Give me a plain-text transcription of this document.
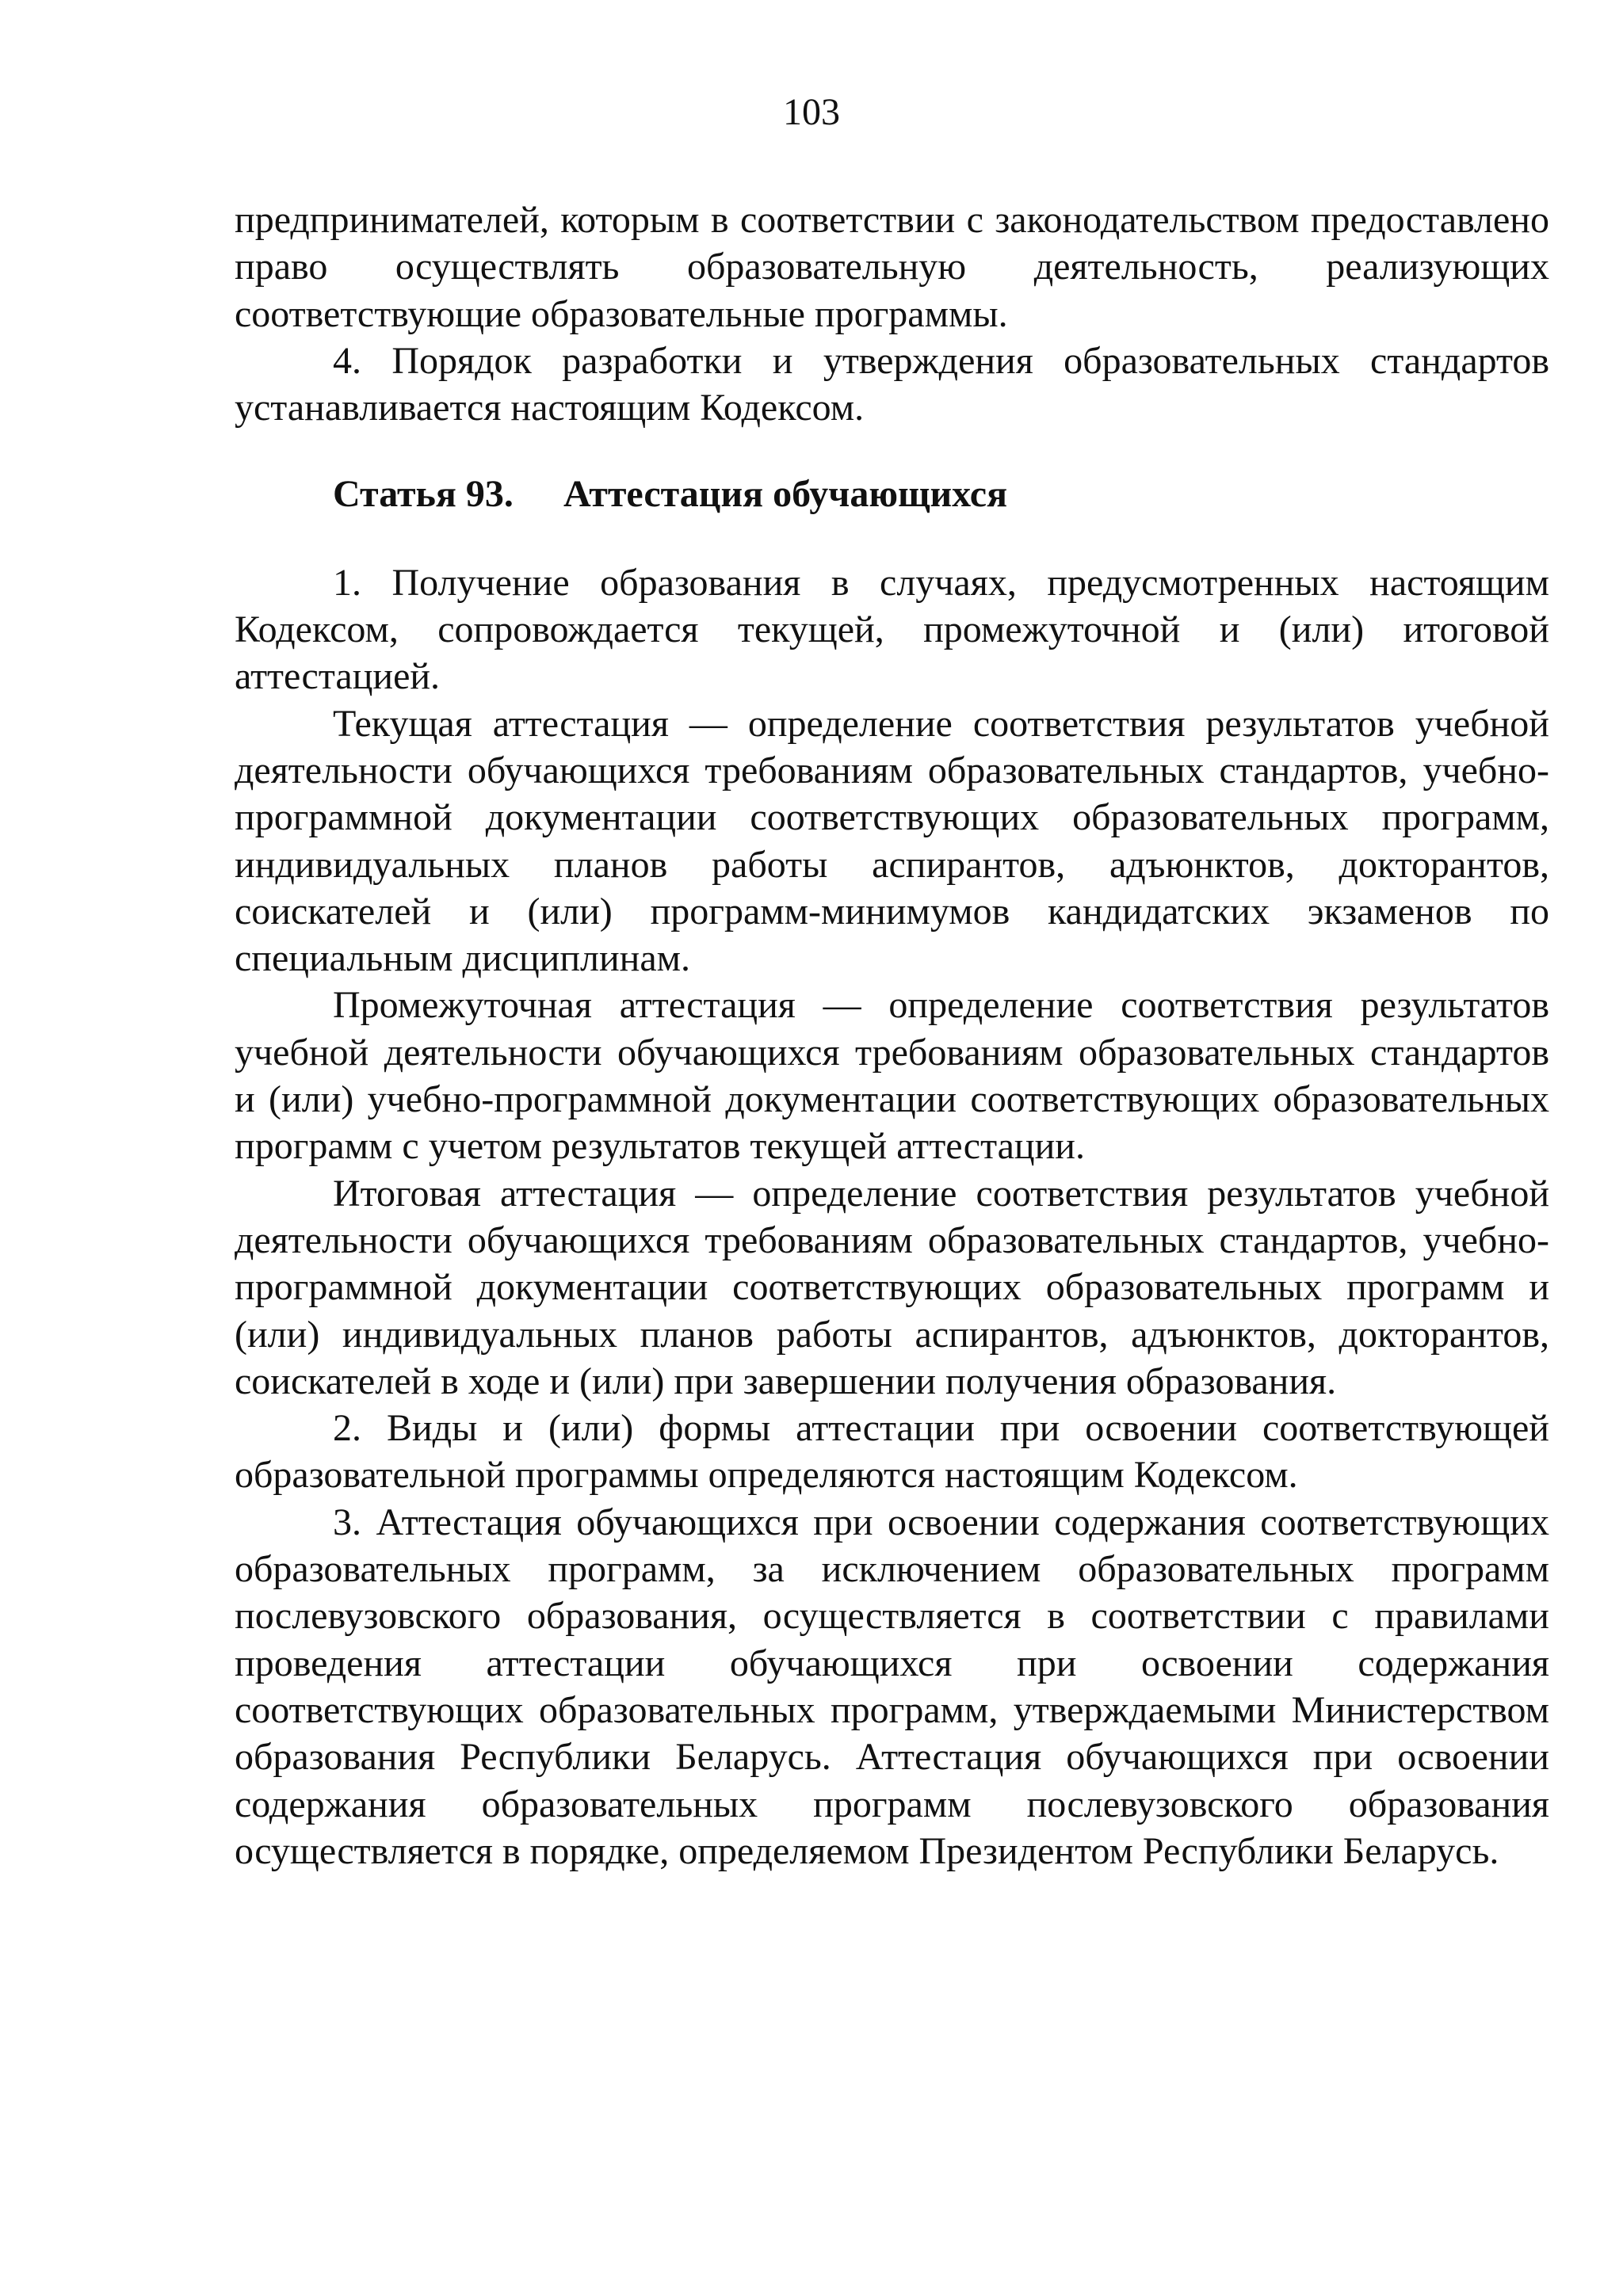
103

предпринимателей, которым в соответствии с законодательством предоставлено право осуществлять образовательную деятельность, реализующих соответствующие образовательные программы.

4. Порядок разработки и утверждения образовательных стандартов устанавливается настоящим Кодексом.

Статья 93. Аттестация обучающихся

1. Получение образования в случаях, предусмотренных настоящим Кодексом, сопровождается текущей, промежуточной и (или) итоговой аттестацией.

Текущая аттестация — определение соответствия результатов учебной деятельности обучающихся требованиям образовательных стандартов, учебно-программной документации соответствующих образовательных программ, индивидуальных планов работы аспирантов, адъюнктов, докторантов, соискателей и (или) программ-минимумов кандидатских экзаменов по специальным дисциплинам.

Промежуточная аттестация — определение соответствия результатов учебной деятельности обучающихся требованиям образовательных стандартов и (или) учебно-программной документации соответствующих образовательных программ с учетом результатов текущей аттестации.

Итоговая аттестация — определение соответствия результатов учебной деятельности обучающихся требованиям образовательных стандартов, учебно-программной документации соответствующих образовательных программ и (или) индивидуальных планов работы аспирантов, адъюнктов, докторантов, соискателей в ходе и (или) при завершении получения образования.

2. Виды и (или) формы аттестации при освоении соответствующей образовательной программы определяются настоящим Кодексом.

3. Аттестация обучающихся при освоении содержания соответствующих образовательных программ, за исключением образовательных программ послевузовского образования, осуществляется в соответствии с правилами проведения аттестации обучающихся при освоении содержания соответствующих образовательных программ, утверждаемыми Министерством образования Республики Беларусь. Аттестация обучающихся при освоении содержания образовательных программ послевузовского образования осуществляется в порядке, определяемом Президентом Республики Беларусь.
